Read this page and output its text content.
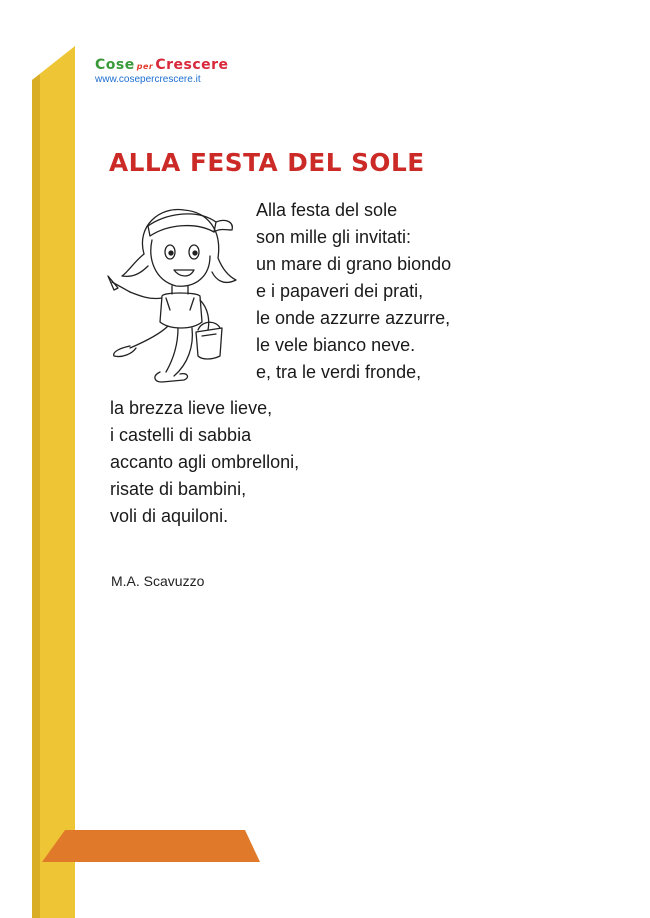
Cose per Crescere
www.cosepercrescere.it
ALLA FESTA DEL SOLE
Alla festa del sole
son mille gli invitati:
un mare di grano biondo
e i papaveri dei prati,
le onde azzurre azzurre,
le vele bianco neve.
e, tra le verdi fronde,
la brezza lieve lieve,
i castelli di sabbia
accanto agli ombrelloni,
risate di bambini,
voli di aquiloni.
M.A. Scavuzzo
